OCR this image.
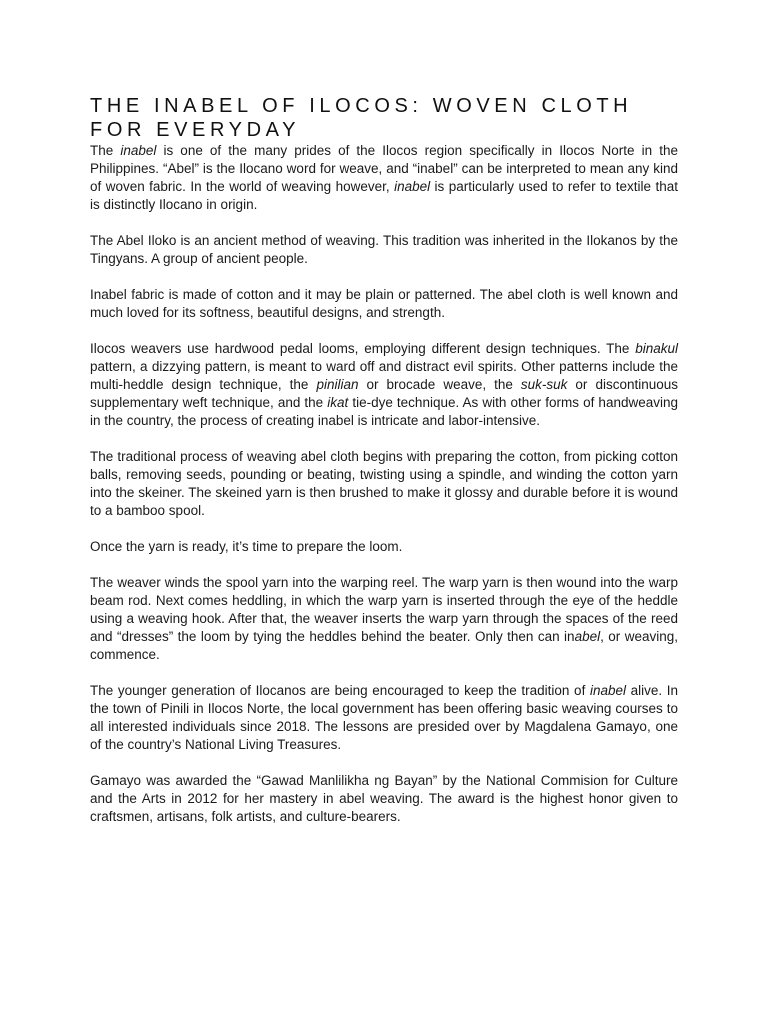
THE INABEL OF ILOCOS: WOVEN CLOTH FOR EVERYDAY

The inabel is one of the many prides of the Ilocos region specifically in Ilocos Norte in the Philippines. “Abel” is the Ilocano word for weave, and “inabel” can be interpreted to mean any kind of woven fabric. In the world of weaving however, inabel is particularly used to refer to textile that is distinctly Ilocano in origin.

The Abel Iloko is an ancient method of weaving. This tradition was inherited in the Ilokanos by the Tingyans. A group of ancient people.

Inabel fabric is made of cotton and it may be plain or patterned. The abel cloth is well known and much loved for its softness, beautiful designs, and strength.

Ilocos weavers use hardwood pedal looms, employing different design techniques. The binakul pattern, a dizzying pattern, is meant to ward off and distract evil spirits. Other patterns include the multi-heddle design technique, the pinilian or brocade weave, the suk-suk or discontinuous supplementary weft technique, and the ikat tie-dye technique. As with other forms of handweaving in the country, the process of creating inabel is intricate and labor-intensive.

The traditional process of weaving abel cloth begins with preparing the cotton, from picking cotton balls, removing seeds, pounding or beating, twisting using a spindle, and winding the cotton yarn into the skeiner. The skeined yarn is then brushed to make it glossy and durable before it is wound to a bamboo spool.

Once the yarn is ready, it’s time to prepare the loom.

The weaver winds the spool yarn into the warping reel. The warp yarn is then wound into the warp beam rod. Next comes heddling, in which the warp yarn is inserted through the eye of the heddle using a weaving hook. After that, the weaver inserts the warp yarn through the spaces of the reed and “dresses” the loom by tying the heddles behind the beater. Only then can inabel, or weaving, commence.

The younger generation of Ilocanos are being encouraged to keep the tradition of inabel alive. In the town of Pinili in Ilocos Norte, the local government has been offering basic weaving courses to all interested individuals since 2018. The lessons are presided over by Magdalena Gamayo, one of the country’s National Living Treasures.

Gamayo was awarded the “Gawad Manlilikha ng Bayan” by the National Commision for Culture and the Arts in 2012 for her mastery in abel weaving. The award is the highest honor given to craftsmen, artisans, folk artists, and culture-bearers.
